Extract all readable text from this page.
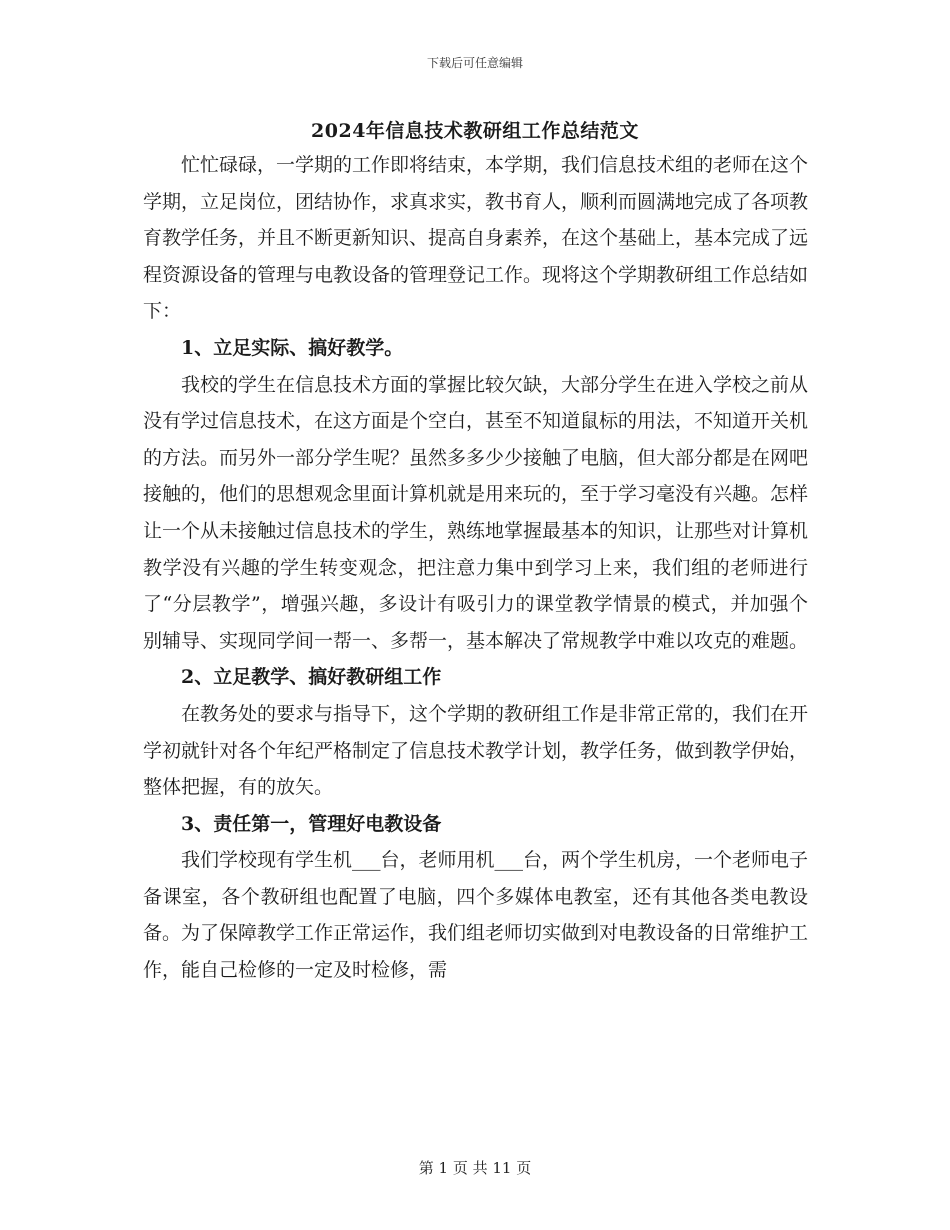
下载后可任意编辑
2024年信息技术教研组工作总结范文

忙忙碌碌，一学期的工作即将结束，本学期，我们信息技术组的老师在这个学期，立足岗位，团结协作，求真求实，教书育人，顺利而圆满地完成了各项教育教学任务，并且不断更新知识、提高自身素养，在这个基础上，基本完成了远程资源设备的管理与电教设备的管理登记工作。现将这个学期教研组工作总结如下：

1、立足实际、搞好教学。

我校的学生在信息技术方面的掌握比较欠缺，大部分学生在进入学校之前从没有学过信息技术，在这方面是个空白，甚至不知道鼠标的用法，不知道开关机的方法。而另外一部分学生呢？虽然多多少少接触了电脑，但大部分都是在网吧接触的，他们的思想观念里面计算机就是用来玩的，至于学习毫没有兴趣。怎样让一个从未接触过信息技术的学生，熟练地掌握最基本的知识，让那些对计算机教学没有兴趣的学生转变观念，把注意力集中到学习上来，我们组的老师进行了“分层教学”，增强兴趣，多设计有吸引力的课堂教学情景的模式，并加强个别辅导、实现同学间一帮一、多帮一，基本解决了常规教学中难以攻克的难题。

2、立足教学、搞好教研组工作

在教务处的要求与指导下，这个学期的教研组工作是非常正常的，我们在开学初就针对各个年纪严格制定了信息技术教学计划，教学任务，做到教学伊始，整体把握，有的放矢。

3、责任第一，管理好电教设备

我们学校现有学生机___台，老师用机___台，两个学生机房，一个老师电子备课室，各个教研组也配置了电脑，四个多媒体电教室，还有其他各类电教设备。为了保障教学工作正常运作，我们组老师切实做到对电教设备的日常维护工作，能自己检修的一定及时检修，需

第 1 页 共 11 页
